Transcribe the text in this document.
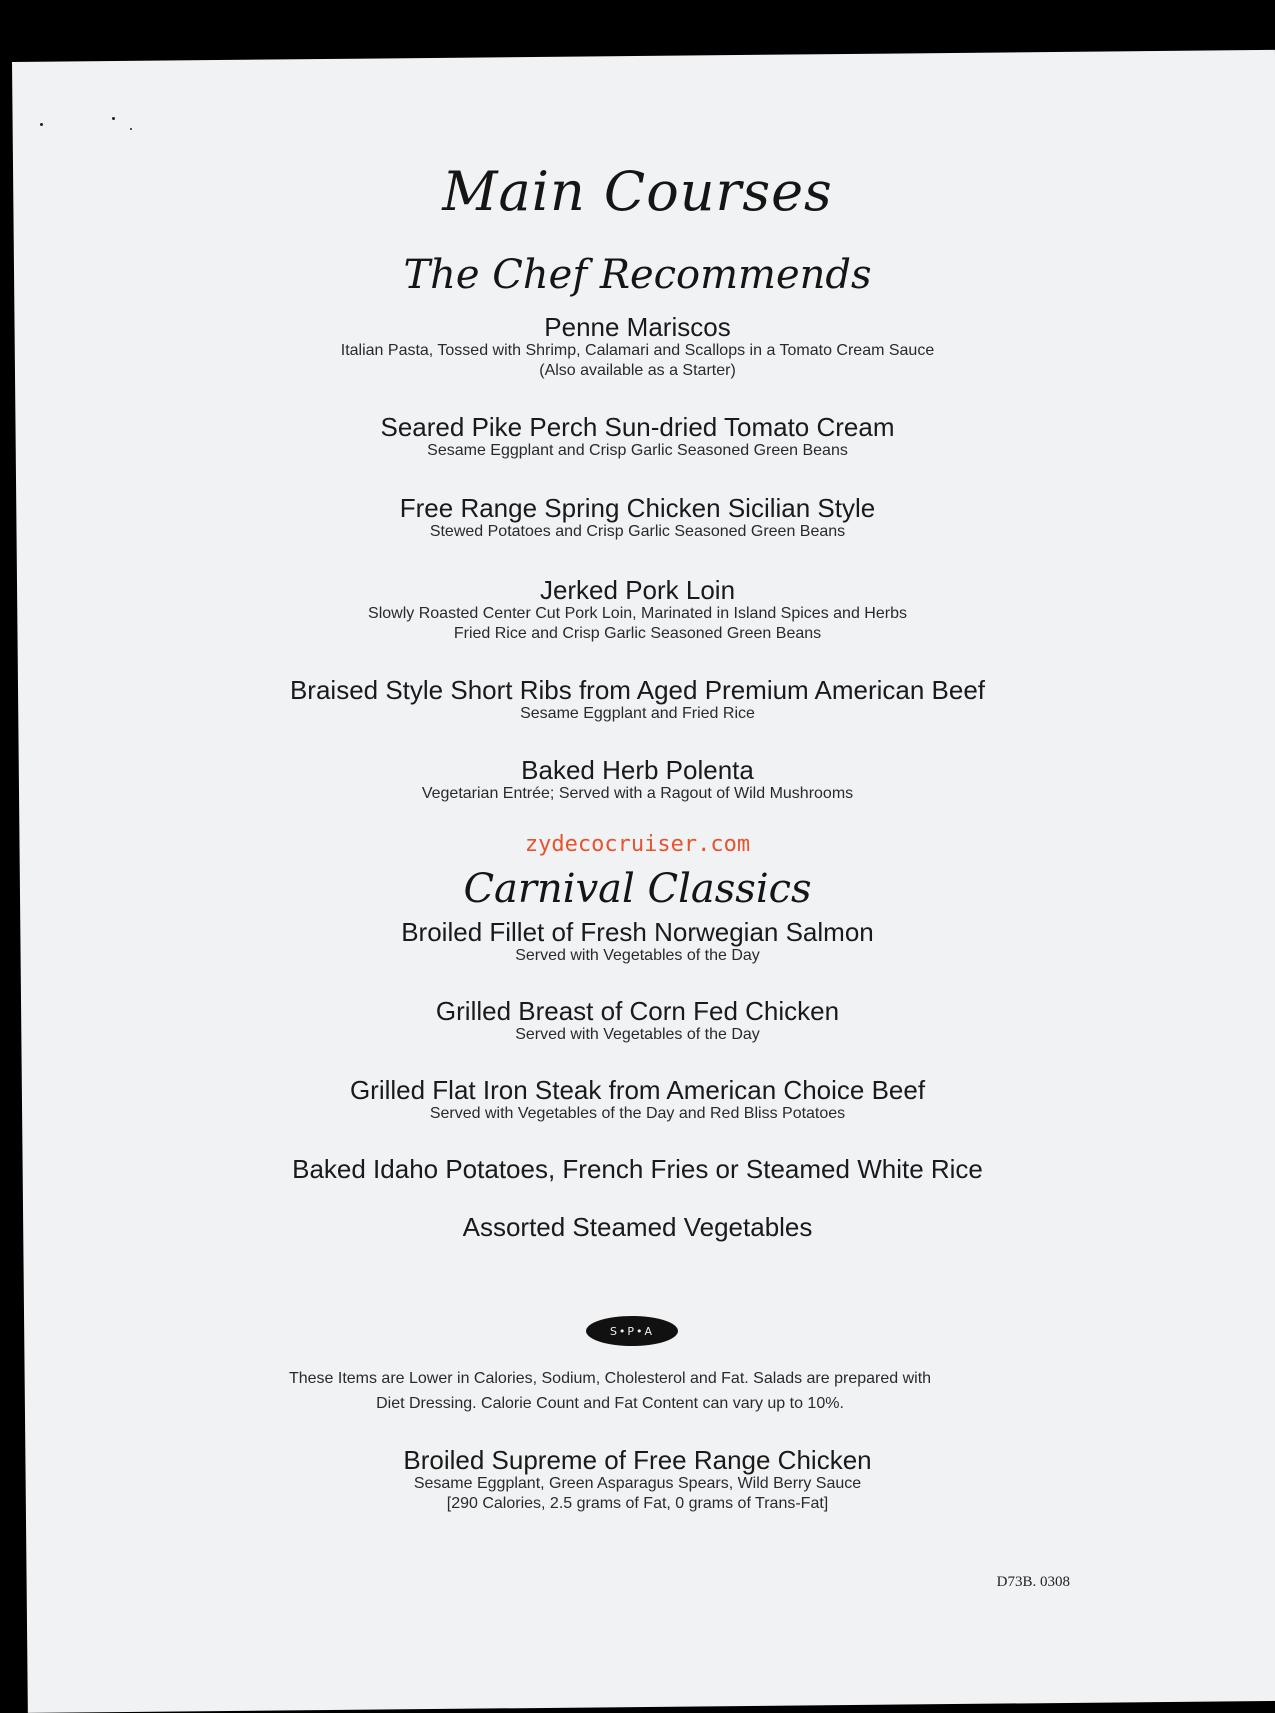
Main Courses
The Chef Recommends
Penne Mariscos
Italian Pasta, Tossed with Shrimp, Calamari and Scallops in a Tomato Cream Sauce
(Also available as a Starter)
Seared Pike Perch Sun-dried Tomato Cream
Sesame Eggplant and Crisp Garlic Seasoned Green Beans
Free Range Spring Chicken Sicilian Style
Stewed Potatoes and Crisp Garlic Seasoned Green Beans
Jerked Pork Loin
Slowly Roasted Center Cut Pork Loin, Marinated in Island Spices and Herbs
Fried Rice and Crisp Garlic Seasoned Green Beans
Braised Style Short Ribs from Aged Premium American Beef
Sesame Eggplant and Fried Rice
Baked Herb Polenta
Vegetarian Entrée; Served with a Ragout of Wild Mushrooms
zydecocruiser.com
Carnival Classics
Broiled Fillet of Fresh Norwegian Salmon
Served with Vegetables of the Day
Grilled Breast of Corn Fed Chicken
Served with Vegetables of the Day
Grilled Flat Iron Steak from American Choice Beef
Served with Vegetables of the Day and Red Bliss Potatoes
Baked Idaho Potatoes, French Fries or Steamed White Rice
Assorted Steamed Vegetables
S•P•A
These Items are Lower in Calories, Sodium, Cholesterol and Fat. Salads are prepared with
Diet Dressing. Calorie Count and Fat Content can vary up to 10%.
Broiled Supreme of Free Range Chicken
Sesame Eggplant, Green Asparagus Spears, Wild Berry Sauce
[290 Calories, 2.5 grams of Fat, 0 grams of Trans-Fat]
D73B. 0308
